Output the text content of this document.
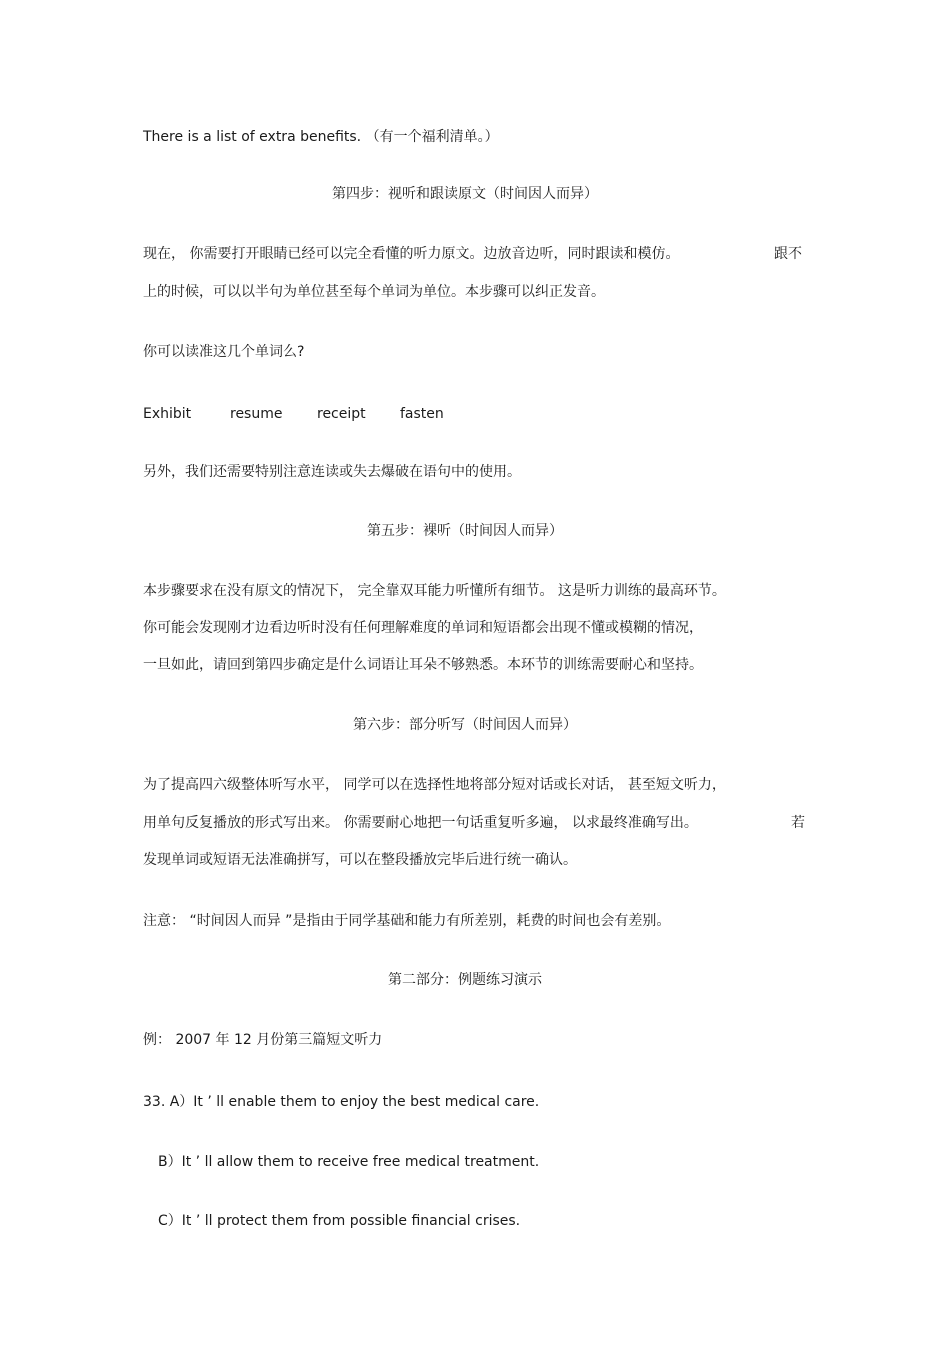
There is a list of extra benefits. （有一个福利清单。）
第四步：视听和跟读原文（时间因人而异）
现在， 你需要打开眼睛已经可以完全看懂的听力原文。边放音边听，同时跟读和模仿。	跟不
上的时候，可以以半句为单位甚至每个单词为单位。本步骤可以纠正发音。
你可以读准这几个单词么?
Exhibit	resume receipt fasten
另外，我们还需要特别注意连读或失去爆破在语句中的使用。
第五步：裸听（时间因人而异）
本步骤要求在没有原文的情况下， 完全靠双耳能力听懂所有细节。 这是听力训练的最高环节。
你可能会发现刚才边看边听时没有任何理解难度的单词和短语都会出现不懂或模糊的情况，
一旦如此，请回到第四步确定是什么词语让耳朵不够熟悉。本环节的训练需要耐心和坚持。
第六步：部分听写（时间因人而异）
为了提高四六级整体听写水平， 同学可以在选择性地将部分短对话或长对话， 甚至短文听力，
用单句反复播放的形式写出来。 你需要耐心地把一句话重复听多遍， 以求最终准确写出。	若
发现单词或短语无法准确拼写，可以在整段播放完毕后进行统一确认。
注意： “时间因人而异 ”是指由于同学基础和能力有所差别，耗费的时间也会有差别。
第二部分：例题练习演示
例： 2007 年 12 月份第三篇短文听力
33. A）It ’ ll enable them to enjoy the best medical care.
B）It ’ ll allow them to receive free medical treatment.
C）It ’ ll protect them from possible financial crises.
